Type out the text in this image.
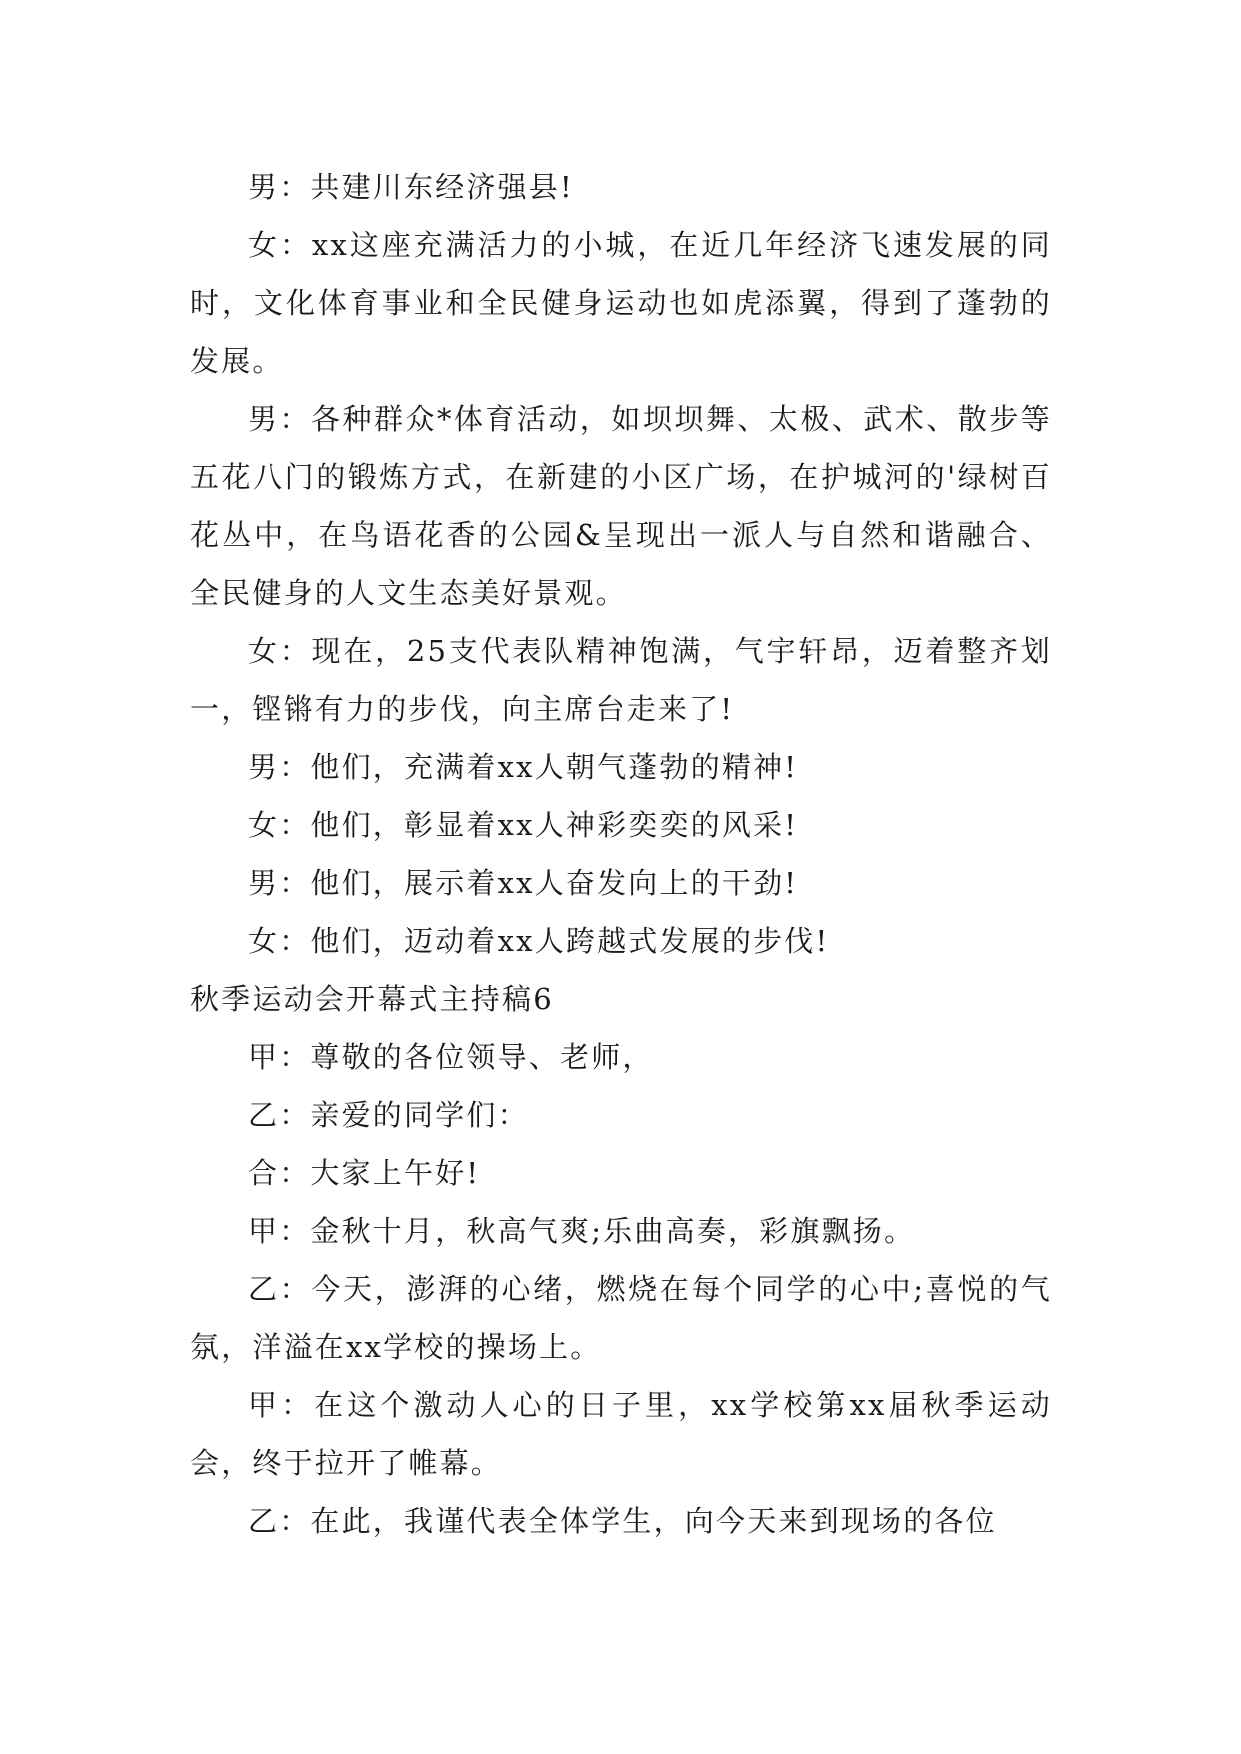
男：共建川东经济强县!

女：xx这座充满活力的小城，在近几年经济飞速发展的同时，文化体育事业和全民健身运动也如虎添翼，得到了蓬勃的发展。

男：各种群众*体育活动，如坝坝舞、太极、武术、散步等五花八门的锻炼方式，在新建的小区广场，在护城河的'绿树百花丛中，在鸟语花香的公园&呈现出一派人与自然和谐融合、全民健身的人文生态美好景观。

女：现在，25支代表队精神饱满，气宇轩昂，迈着整齐划一，铿锵有力的步伐，向主席台走来了!

男：他们，充满着xx人朝气蓬勃的精神!

女：他们，彰显着xx人神彩奕奕的风采!

男：他们，展示着xx人奋发向上的干劲!

女：他们，迈动着xx人跨越式发展的步伐!

秋季运动会开幕式主持稿6

甲：尊敬的各位领导、老师，

乙：亲爱的同学们：

合：大家上午好!

甲：金秋十月，秋高气爽;乐曲高奏，彩旗飘扬。

乙：今天，澎湃的心绪，燃烧在每个同学的心中;喜悦的气氛，洋溢在xx学校的操场上。

甲：在这个激动人心的日子里，xx学校第xx届秋季运动会，终于拉开了帷幕。

乙：在此，我谨代表全体学生，向今天来到现场的各位
